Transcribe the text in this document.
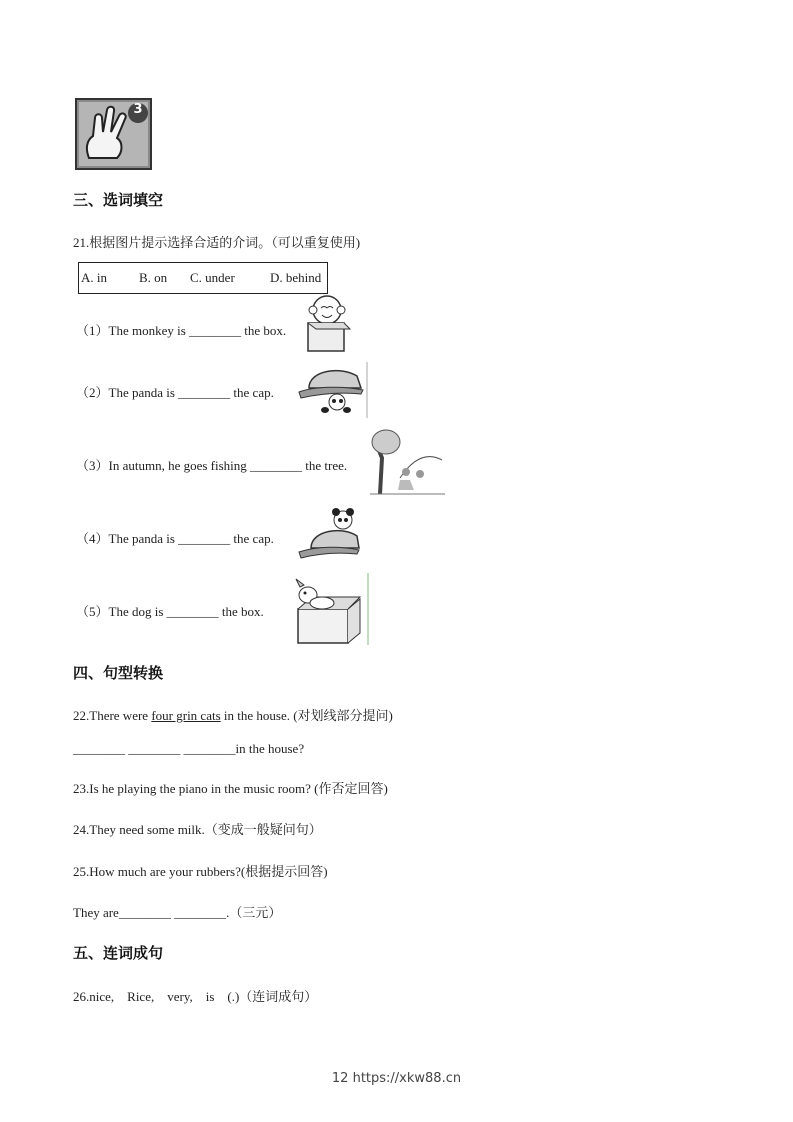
3
三、选词填空
21.根据图片提示选择合适的介词。（可以重复使用)
A. in	B. on	C. under	D. behind
（1）The monkey is ________ the box.
（2）The panda is ________ the cap.
（3）In autumn, he goes fishing ________ the tree.
（4）The panda is ________ the cap.
（5）The dog is ________ the box.
四、句型转换
22.There were four grin cats in the house. (对划线部分提问)
________ ________ ________in the house?
23.Is he playing the piano in the music room? (作否定回答)
24.They need some milk.（变成一般疑问句）
25.How much are your rubbers?(根据提示回答)
They are________ ________.（三元）
五、连词成句
26.nice,    Rice,    very,    is    (.)（连词成句）
12 https://xkw88.cn
